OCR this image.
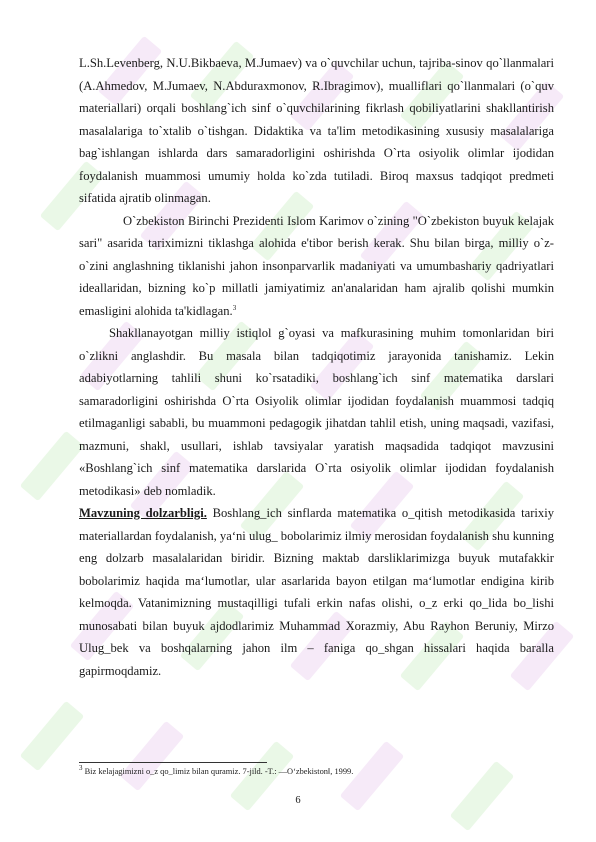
L.Sh.Levenberg, N.U.Bikbaeva, M.Jumaev) va o`quvchilar uchun, tajriba-sinov qo`llanmalari (A.Ahmedov, M.Jumaev, N.Abduraxmonov, R.Ibragimov), mualliflari qo`llanmalari (o`quv materiallari) orqali boshlang`ich sinf o`quvchilarining fikrlash qobiliyatlarini shakllantirish masalalariga to`xtalib o`tishgan. Didaktika va ta'lim metodikasining xususiy masalalariga bag`ishlangan ishlarda dars samaradorligini oshirishda O`rta osiyolik olimlar ijodidan foydalanish muammosi umumiy holda ko`zda tutiladi. Biroq maxsus tadqiqot predmeti sifatida ajratib olinmagan.

O`zbekiston Birinchi Prezidenti Islom Karimov o`zining "O`zbekiston buyuk kelajak sari" asarida tariximizni tiklashga alohida e'tibor berish kerak. Shu bilan birga, milliy o`z-o`zini anglashning tiklanishi jahon insonparvarlik madaniyati va umumbashariy qadriyatlari ideallaridan, bizning ko`p millatli jamiyatimiz an'analaridan ham ajralib qolishi mumkin emasligini alohida ta'kidlagan.$^3$

Shakllanayotgan milliy istiqlol g`oyasi va mafkurasining muhim tomonlaridan biri o`zlikni anglashdir. Bu masala bilan tadqiqotimiz jarayonida tanishamiz. Lekin adabiyotlarning tahlili shuni ko`rsatadiki, boshlang`ich sinf matematika darslari samaradorligini oshirishda O`rta Osiyolik olimlar ijodidan foydalanish muammosi tadqiq etilmaganligi sababli, bu muammoni pedagogik jihatdan tahlil etish, uning maqsadi, vazifasi, mazmuni, shakl, usullari, ishlab tavsiyalar yaratish maqsadida tadqiqot mavzusini «Boshlang`ich sinf matematika darslarida O`rta osiyolik olimlar ijodidan foydalanish metodikasi» deb nomladik.

Mavzuning dolzarbligi. Boshlang_ich sinflarda matematika o_qitish metodikasida tarixiy materiallardan foydalanish, ya‘ni ulug_ bobolarimiz ilmiy merosidan foydalanish shu kunning eng dolzarb masalalaridan biridir. Bizning maktab darsliklarimizga buyuk mutafakkir bobolarimiz haqida ma‘lumotlar, ular asarlarida bayon etilgan ma‘lumotlar endigina kirib kelmoqda. Vatanimizning mustaqilligi tufali erkin nafas olishi, o_z erki qo_lida bo_lishi munosabati bilan buyuk ajdodlarimiz Muhammad Xorazmiy, Abu Rayhon Beruniy, Mirzo Ulug_bek va boshqalarning jahon ilm – faniga qo_shgan hissalari haqida baralla gapirmoqdamiz.

$^3$ Biz kelajagimizni o_z qo_limiz bilan quramiz. 7-jild. -T.: ―O‘zbekiston‖, 1999.
6
